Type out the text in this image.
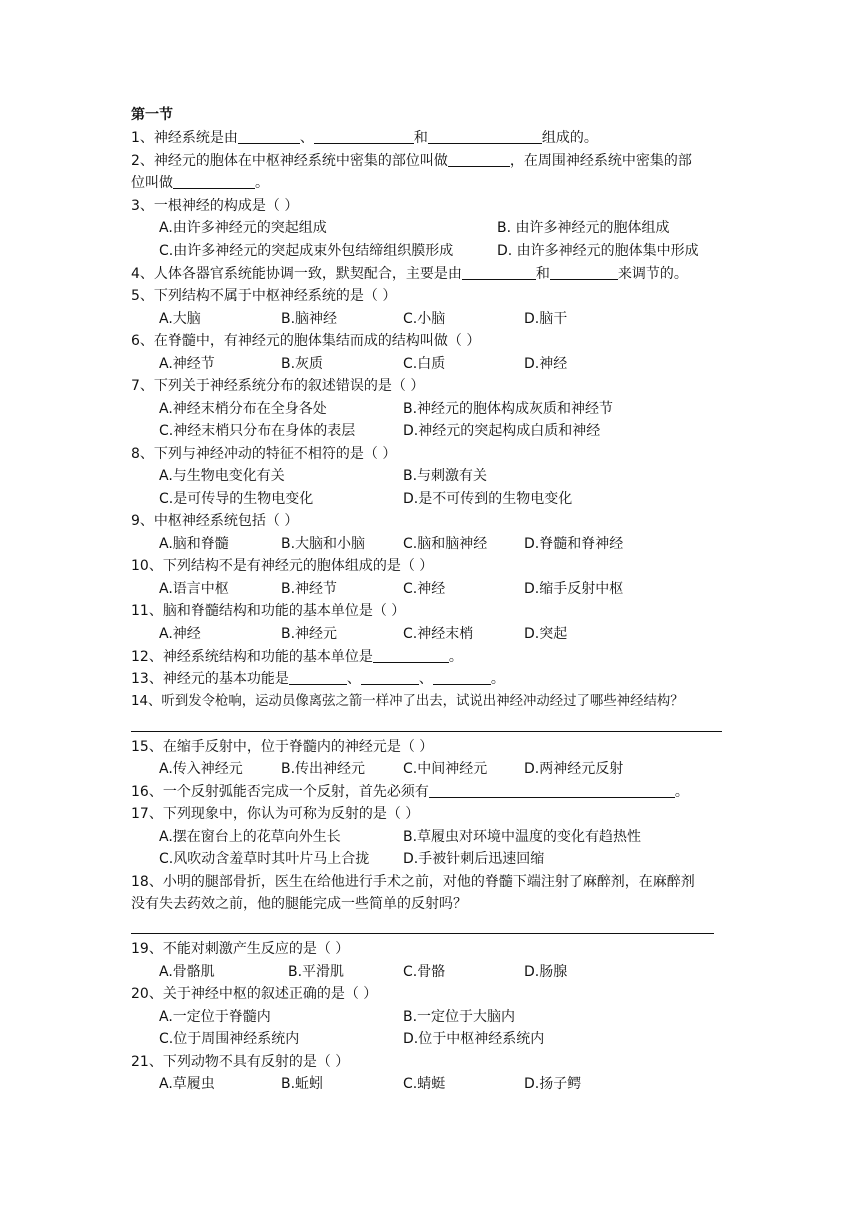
第一节
1、神经系统是由	、	和	组成的。
2、神经元的胞体在中枢神经系统中密集的部位叫做	，在周围神经系统中密集的部
位叫做	。
3、一根神经的构成是（ ）
A.由许多神经元的突起组成	B. 由许多神经元的胞体组成
C.由许多神经元的突起成束外包结缔组织膜形成	D. 由许多神经元的胞体集中形成
4、人体各器官系统能协调一致，默契配合，主要是由	和	来调节的。
5、下列结构不属于中枢神经系统的是（ ）
A.大脑	B.脑神经	C.小脑	D.脑干
6、在脊髓中，有神经元的胞体集结而成的结构叫做（ ）
A.神经节	B.灰质	C.白质	D.神经
7、下列关于神经系统分布的叙述错误的是（ ）
A.神经末梢分布在全身各处	B.神经元的胞体构成灰质和神经节
C.神经末梢只分布在身体的表层	D.神经元的突起构成白质和神经
8、下列与神经冲动的特征不相符的是（ ）
A.与生物电变化有关	B.与刺激有关
C.是可传导的生物电变化	D.是不可传到的生物电变化
9、中枢神经系统包括（ ）
A.脑和脊髓	B.大脑和小脑	C.脑和脑神经	D.脊髓和脊神经
10、下列结构不是有神经元的胞体组成的是（ ）
A.语言中枢	B.神经节	C.神经	D.缩手反射中枢
11、脑和脊髓结构和功能的基本单位是（ ）
A.神经	B.神经元	C.神经末梢	D.突起
12、神经系统结构和功能的基本单位是	。
13、神经元的基本功能是	、	、	。
14、听到发令枪响，运动员像离弦之箭一样冲了出去，试说出神经冲动经过了哪些神经结构？
15、在缩手反射中，位于脊髓内的神经元是（ ）
A.传入神经元	B.传出神经元	C.中间神经元	D.两神经元反射
16、一个反射弧能否完成一个反射，首先必须有	。
17、下列现象中，你认为可称为反射的是（ ）
A.摆在窗台上的花草向外生长	B.草履虫对环境中温度的变化有趋热性
C.风吹动含羞草时其叶片马上合拢 D.手被针刺后迅速回缩
18、小明的腿部骨折，医生在给他进行手术之前，对他的脊髓下端注射了麻醉剂，在麻醉剂
没有失去药效之前，他的腿能完成一些简单的反射吗？
19、不能对刺激产生反应的是（ ）
A.骨骼肌	B.平滑肌	C.骨骼	D.肠腺
20、关于神经中枢的叙述正确的是（ ）
A.一定位于脊髓内	B.一定位于大脑内
C.位于周围神经系统内	D.位于中枢神经系统内
21、下列动物不具有反射的是（ ）
A.草履虫	B.蚯蚓	C.蜻蜓	D.扬子鳄
